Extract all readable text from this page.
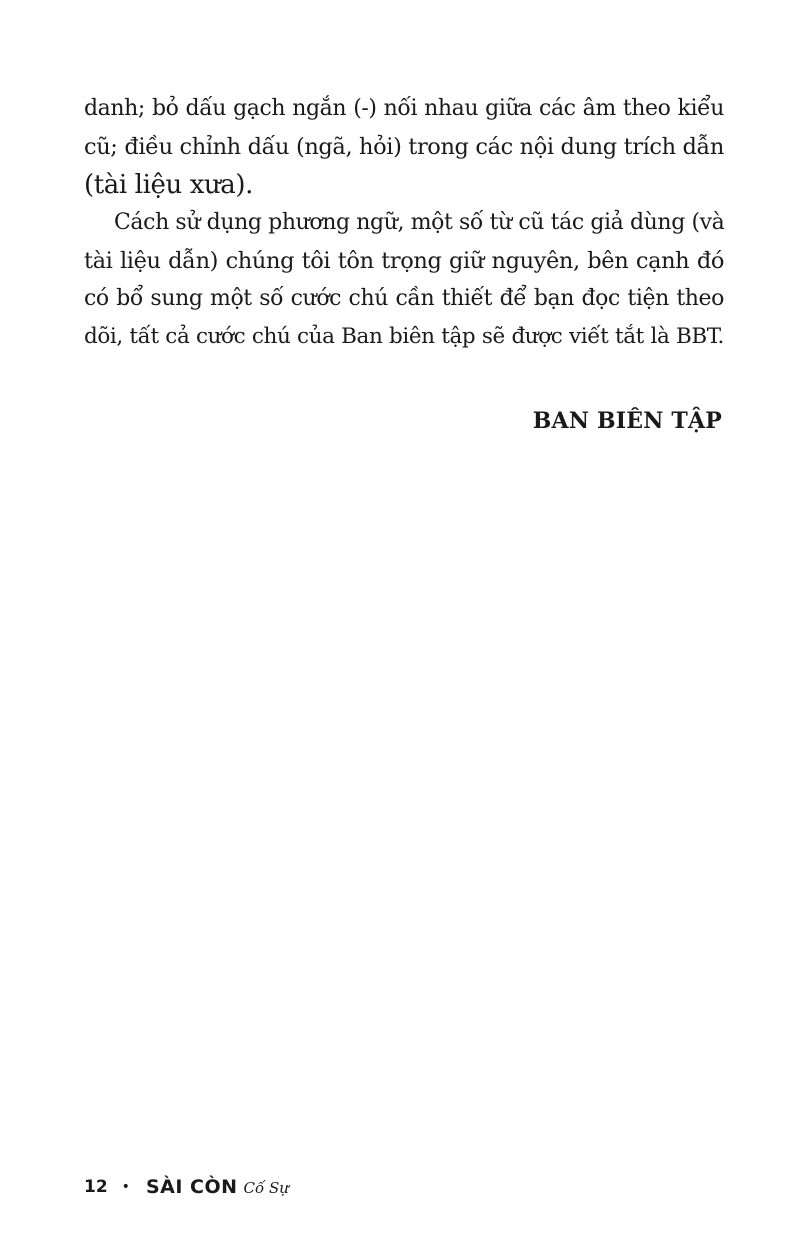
danh; bỏ dấu gạch ngắn (-) nối nhau giữa các âm theo kiểu
cũ; điều chỉnh dấu (ngã, hỏi) trong các nội dung trích dẫn
(tài liệu xưa).
Cách sử dụng phương ngữ, một số từ cũ tác giả dùng (và
tài liệu dẫn) chúng tôi tôn trọng giữ nguyên, bên cạnh đó
có bổ sung một số cước chú cần thiết để bạn đọc tiện theo
dõi, tất cả cước chú của Ban biên tập sẽ được viết tắt là BBT.
BAN BIÊN TẬP
12 • SÀI CÒN Cố Sự
